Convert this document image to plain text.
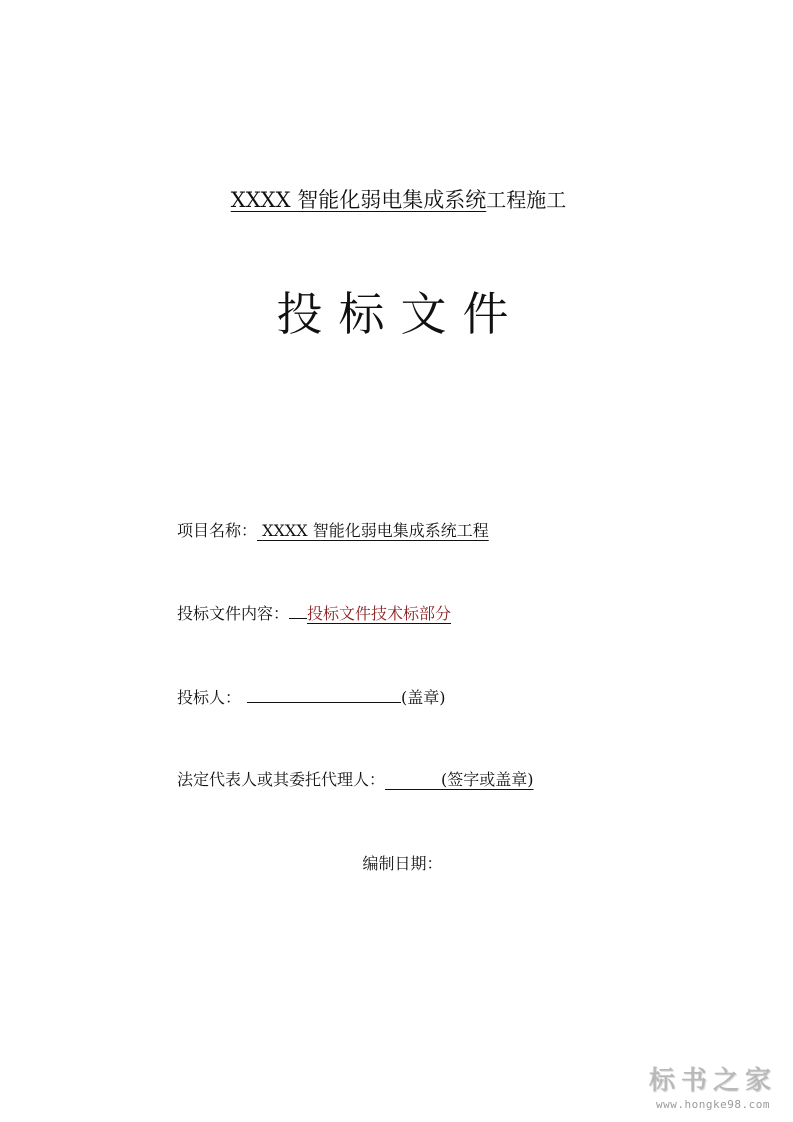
XXXX 智能化弱电集成系统工程施工
投标文件
项目名称： XXXX 智能化弱电集成系统工程
投标文件内容： 投标文件技术标部分
投标人：	(盖章)
法定代表人或其委托代理人：	(签字或盖章)
编制日期：
标书之家
www.hongke98.com
